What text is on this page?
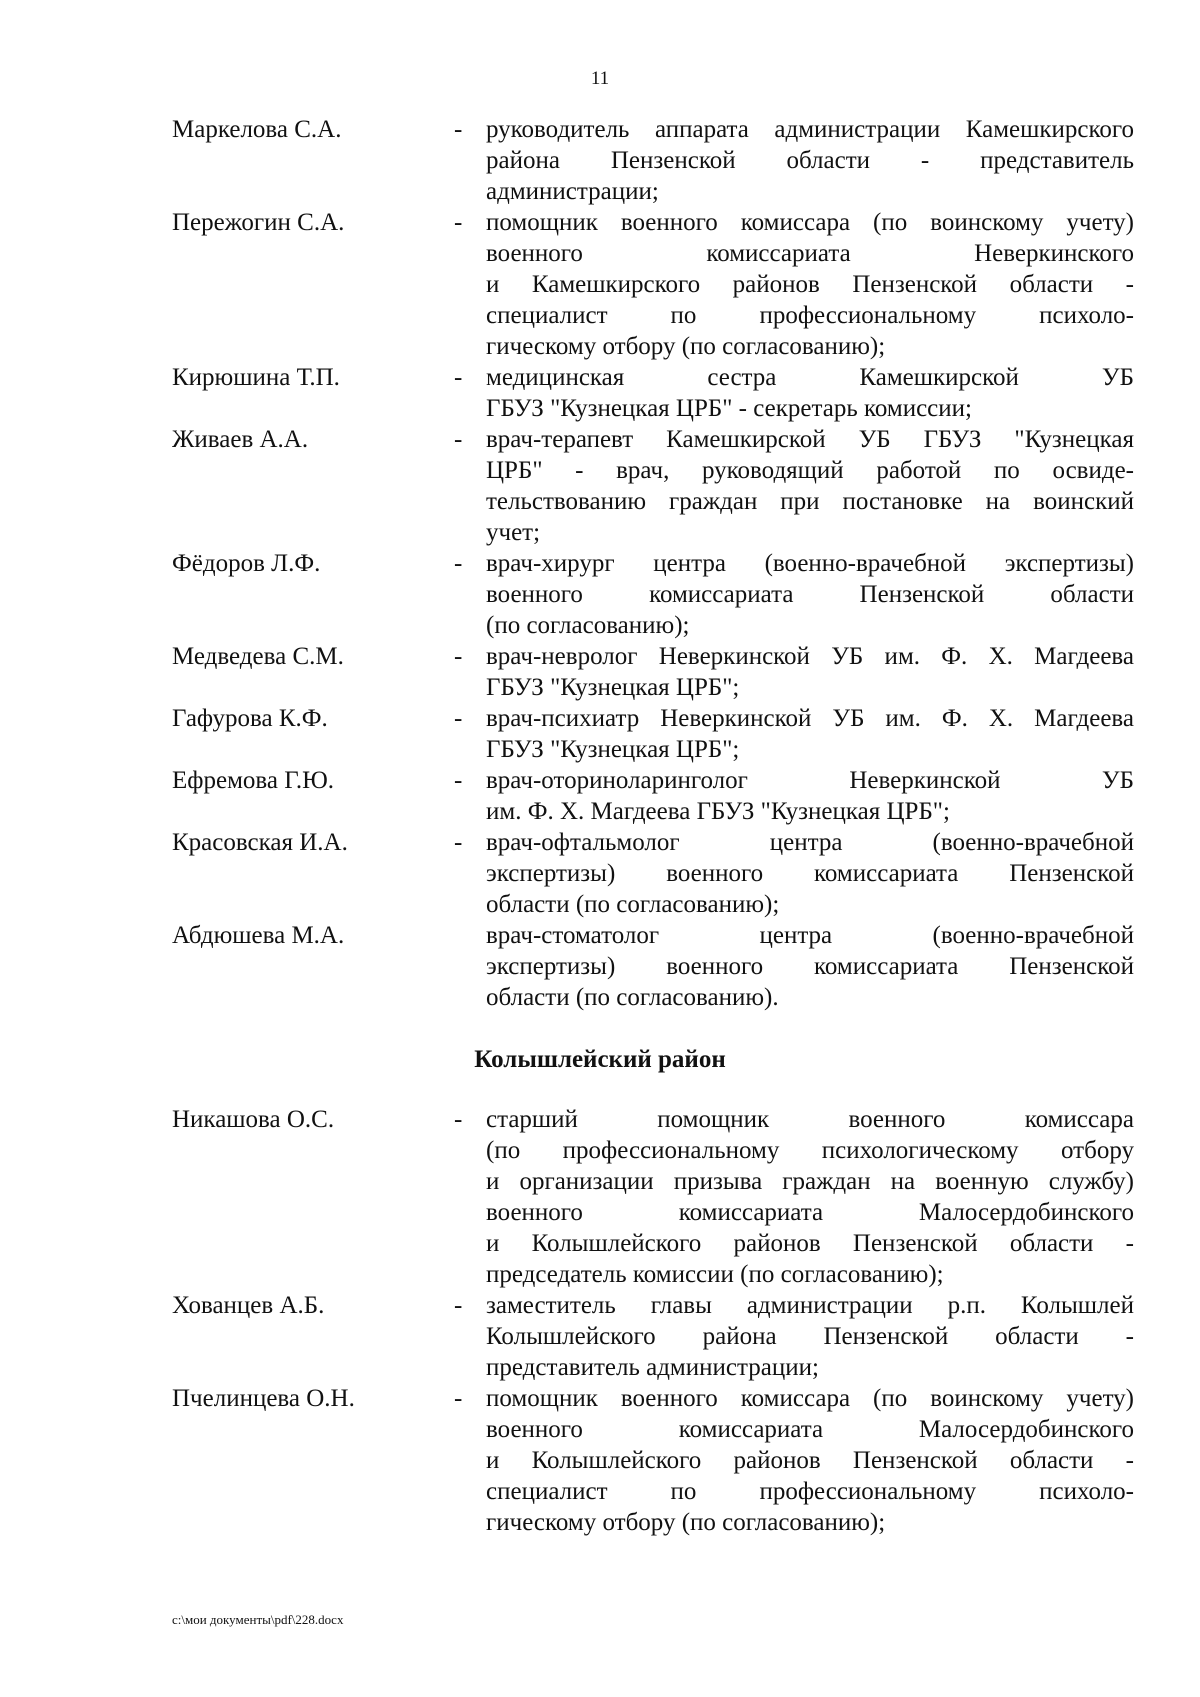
11
Маркелова С.А.	- руководитель аппарата администрации Камешкирского
района Пензенской области - представитель
администрации;
Пережогин С.А.	- помощник военного комиссара (по воинскому учету)
военного комиссариата Неверкинского
и Камешкирского районов Пензенской области -
специалист по профессиональному психоло-
гическому отбору (по согласованию);
Кирюшина Т.П.	- медицинская сестра Камешкирской УБ
ГБУЗ "Кузнецкая ЦРБ" - секретарь комиссии;
Живаев А.А.	- врач-терапевт Камешкирской УБ ГБУЗ "Кузнецкая
ЦРБ" - врач, руководящий работой по освиде-
тельствованию граждан при постановке на воинский
учет;
Фёдоров Л.Ф.	- врач-хирург центра (военно-врачебной экспертизы)
военного комиссариата Пензенской области
(по согласованию);
Медведева С.М.	- врач-невролог Неверкинской УБ им. Ф. Х. Магдеева
ГБУЗ "Кузнецкая ЦРБ";
Гафурова К.Ф.	- врач-психиатр Неверкинской УБ им. Ф. Х. Магдеева
ГБУЗ "Кузнецкая ЦРБ";
Ефремова Г.Ю.	- врач-оториноларинголог Неверкинской УБ
им. Ф. Х. Магдеева ГБУЗ "Кузнецкая ЦРБ";
Красовская И.А.	- врач-офтальмолог центра (военно-врачебной
экспертизы) военного комиссариата Пензенской
области (по согласованию);
Абдюшева М.А.	врач-стоматолог центра (военно-врачебной
экспертизы) военного комиссариата Пензенской
области (по согласованию).
Колышлейский район
Никашова О.С.	- старший помощник военного комиссара
(по профессиональному психологическому отбору
и организации призыва граждан на военную службу)
военного комиссариата Малосердобинского
и Колышлейского районов Пензенской области -
председатель комиссии (по согласованию);
Хованцев А.Б.	- заместитель главы администрации р.п. Колышлей
Колышлейского района Пензенской области -
представитель администрации;
Пчелинцева О.Н.	- помощник военного комиссара (по воинскому учету)
военного комиссариата Малосердобинского
и Колышлейского районов Пензенской области -
специалист по профессиональному психоло-
гическому отбору (по согласованию);
c:\мои документы\pdf\228.docx
